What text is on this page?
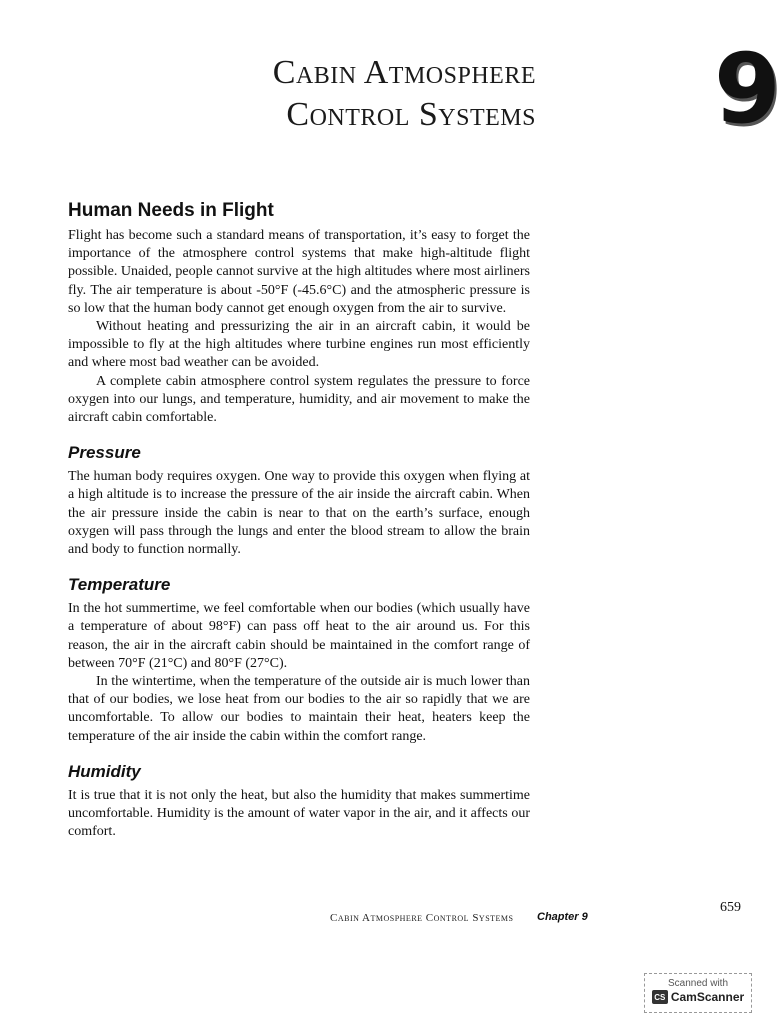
Cabin Atmosphere
Control Systems 9
Human Needs in Flight

Flight has become such a standard means of transportation, it’s easy to forget the importance of the atmosphere control systems that make high-altitude flight possible. Unaided, people cannot survive at the high altitudes where most airliners fly. The air temperature is about -50°F (-45.6°C) and the atmospheric pressure is so low that the human body cannot get enough oxygen from the air to survive.

Without heating and pressurizing the air in an aircraft cabin, it would be impossible to fly at the high altitudes where turbine engines run most efficiently and where most bad weather can be avoided.

A complete cabin atmosphere control system regulates the pressure to force oxygen into our lungs, and temperature, humidity, and air movement to make the aircraft cabin comfortable.

Pressure

The human body requires oxygen. One way to provide this oxygen when flying at a high altitude is to increase the pressure of the air inside the aircraft cabin. When the air pressure inside the cabin is near to that on the earth’s surface, enough oxygen will pass through the lungs and enter the blood stream to allow the brain and body to function normally.

Temperature

In the hot summertime, we feel comfortable when our bodies (which usually have a temperature of about 98°F) can pass off heat to the air around us. For this reason, the air in the aircraft cabin should be maintained in the comfort range of between 70°F (21°C) and 80°F (27°C).

In the wintertime, when the temperature of the outside air is much lower than that of our bodies, we lose heat from our bodies to the air so rapidly that we are uncomfortable. To allow our bodies to maintain their heat, heaters keep the temperature of the air inside the cabin within the comfort range.

Humidity

It is true that it is not only the heat, but also the humidity that makes summertime uncomfortable. Humidity is the amount of water vapor in the air, and it affects our comfort.

Cabin Atmosphere Control Systems Chapter 9
659
Scanned with
CS CamScanner
